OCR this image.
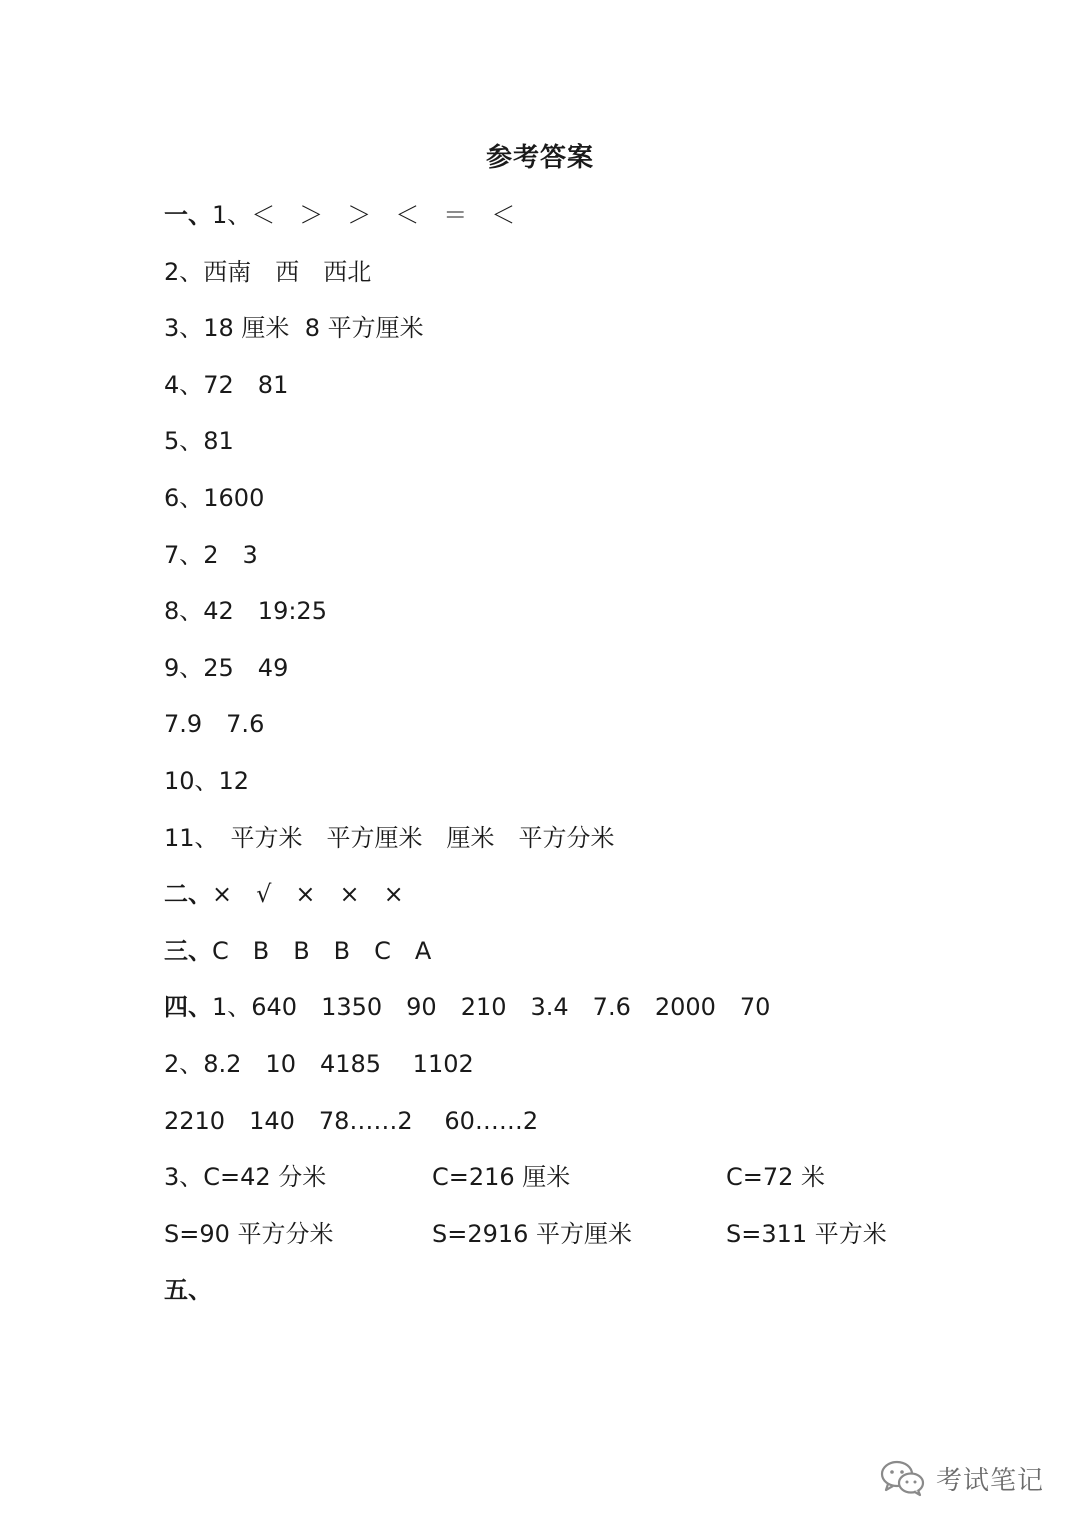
参考答案
一、1、＜　＞　＞　＜　＝　＜
2、西南　西　西北
3、18 厘米  8 平方厘米
4、72　81
5、81
6、1600
7、2　3
8、42　19:25
9、25　49
7.9　7.6
10、12
11、　平方米　平方厘米　厘米　平方分米
二、×　√　×　×　×
三、C　B　B　B　C　A
四、1、640　1350　90　210　3.4　7.6　2000　70
2、8.2　10　4185　 1102
2210　140　78……2　 60……2
3、C=42 分米	C=216 厘米	C=72 米
S=90 平方分米	S=2916 平方厘米	S=311 平方米
五、
考试笔记
